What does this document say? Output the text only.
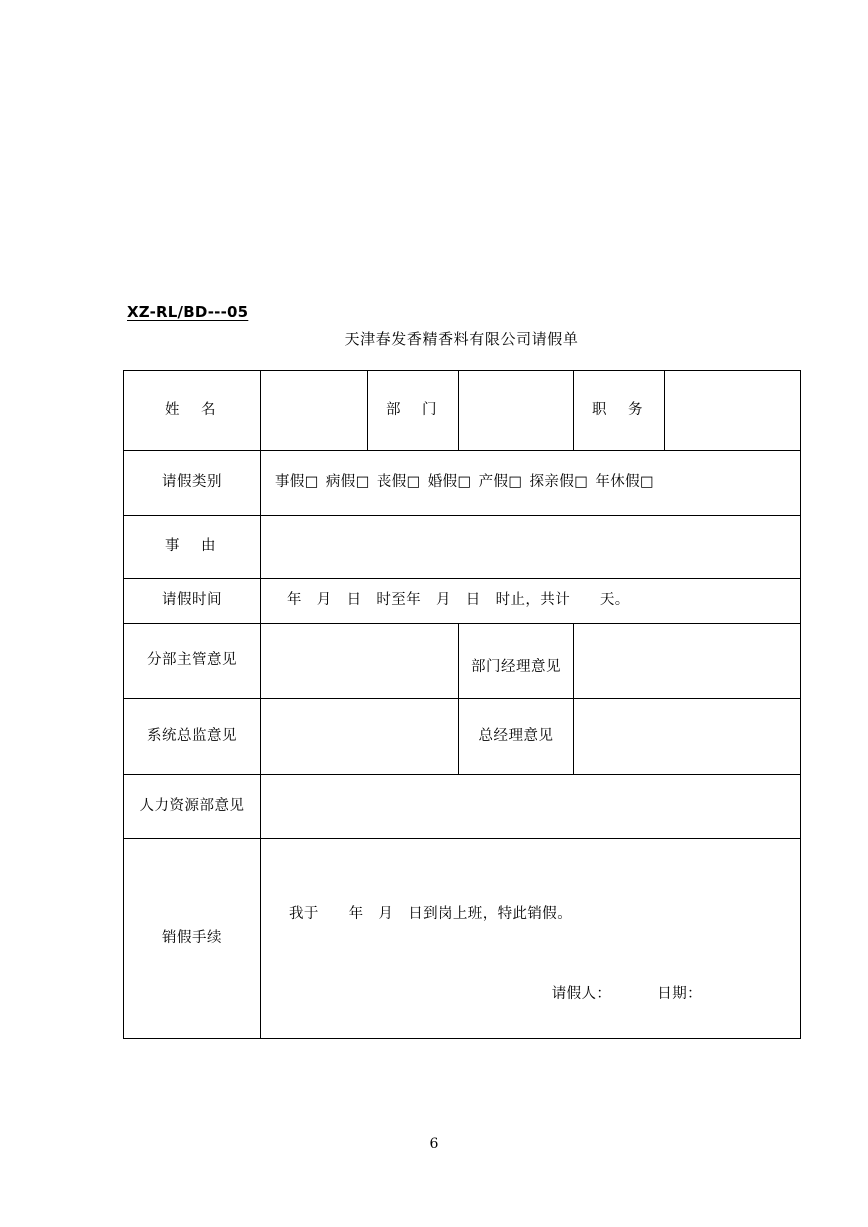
XZ-RL/BD---05
天津春发香精香料有限公司请假单
姓　名		部　门		职　务	
请假类别	事假□ 病假□ 丧假□ 婚假□ 产假□ 探亲假□ 年休假□				

事　由					
请假时间	年　月　日　时至年　月　日　时止，共计　　天。				

分部主管意见			部门经理意见		

系统总监意见			总经理意见		
人力资源部意见					
销假手续	我于　　年　月　日到岗上班，特此销假。
请假人： 日期：				
6
